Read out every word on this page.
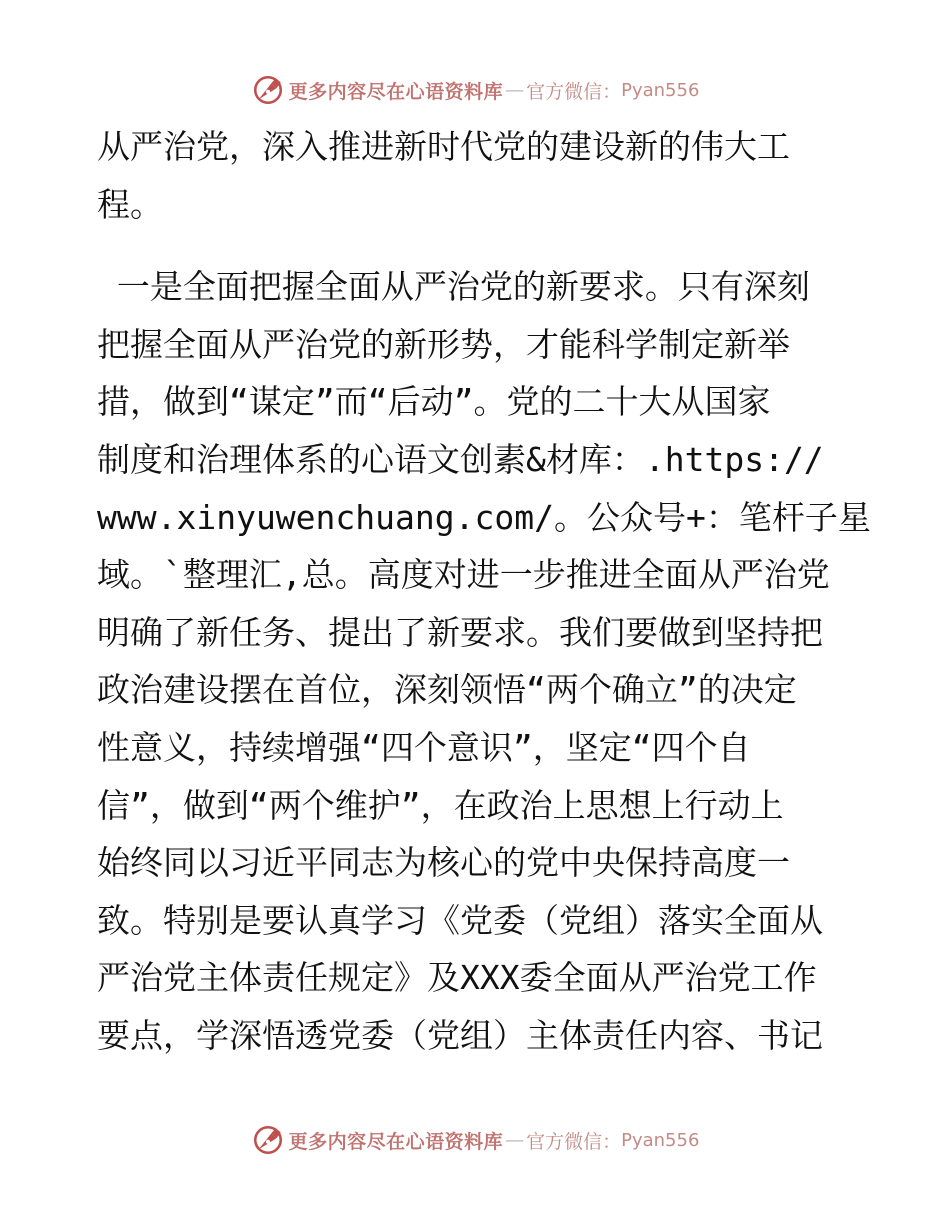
更多内容尽在心语资料库 — 官方微信： Pyan556
从严治党，深入推进新时代党的建设新的伟大工
程。
一是全面把握全面从严治党的新要求。只有深刻
把握全面从严治党的新形势，才能科学制定新举
措，做到“谋定”而“后动”。党的二十大从国家
制度和治理体系的心语文创素&材库：.https://
www.xinyuwenchuang.com/。公众号+：笔杆子星
域。`整理汇,总。高度对进一步推进全面从严治党
明确了新任务、提出了新要求。我们要做到坚持把
政治建设摆在首位，深刻领悟“两个确立”的决定
性意义，持续增强“四个意识”，坚定“四个自
信”，做到“两个维护”，在政治上思想上行动上
始终同以习近平同志为核心的党中央保持高度一
致。特别是要认真学习《党委（党组）落实全面从
严治党主体责任规定》及XXX委全面从严治党工作
要点，学深悟透党委（党组）主体责任内容、书记
更多内容尽在心语资料库 — 官方微信： Pyan556
